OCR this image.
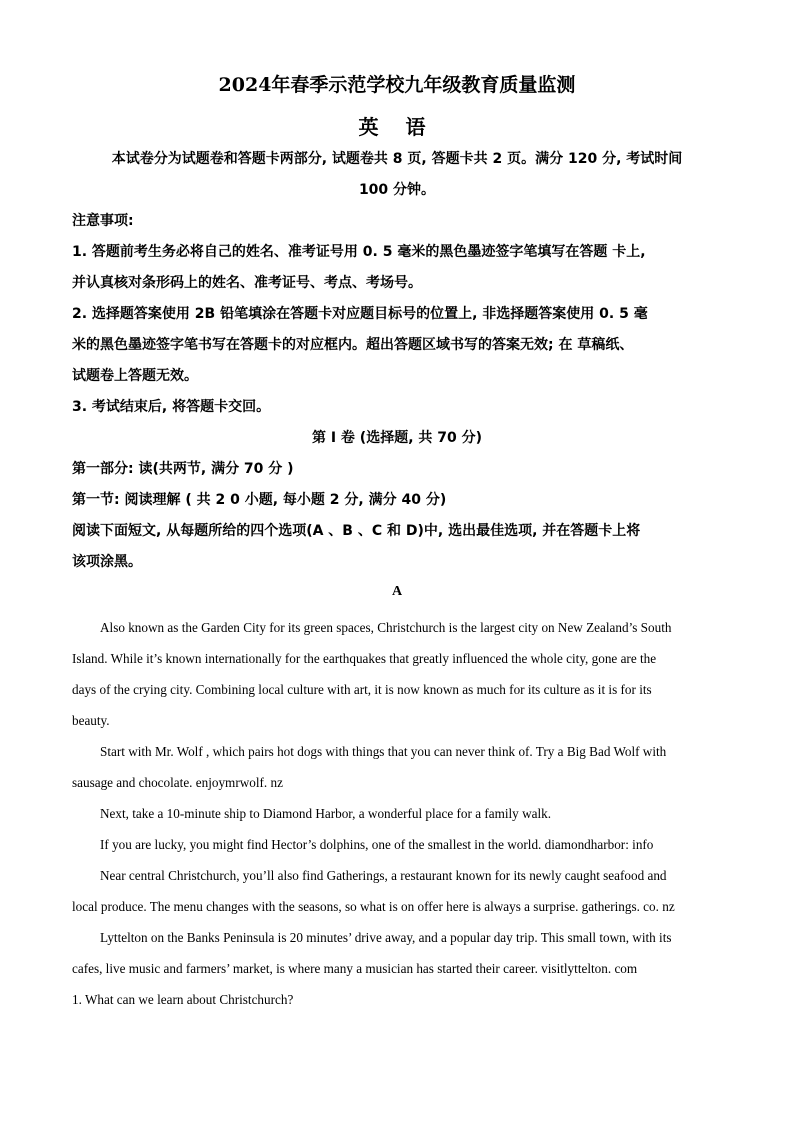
2024年春季示范学校九年级教育质量监测
英 语

本试卷分为试题卷和答题卡两部分, 试题卷共 8 页, 答题卡共 2 页。满分 120 分, 考试时间

100 分钟。

注意事项:

1. 答题前考生务必将自己的姓名、准考证号用 0. 5 毫米的黑色墨迹签字笔填写在答题 卡上,

并认真核对条形码上的姓名、准考证号、考点、考场号。

2. 选择题答案使用 2B 铅笔填涂在答题卡对应题目标号的位置上, 非选择题答案使用 0. 5 毫

米的黑色墨迹签字笔书写在答题卡的对应框内。超出答题区域书写的答案无效; 在 草稿纸、

试题卷上答题无效。

3. 考试结束后, 将答题卡交回。

第 I 卷 (选择题, 共 70 分)

第一部分: 读(共两节, 满分 70 分 )

第一节: 阅读理解 ( 共 2 0 小题, 每小题 2 分, 满分 40 分)

阅读下面短文, 从每题所给的四个选项(A 、B 、C 和 D)中, 选出最佳选项, 并在答题卡上将

该项涂黑。

A

Also known as the Garden City for its green spaces, Christchurch is the largest city on New Zealand’s South

Island. While it’s known internationally for the earthquakes that greatly influenced the whole city, gone are the

days of the crying city. Combining local culture with art, it is now known as much for its culture as it is for its

beauty.

Start with Mr. Wolf , which pairs hot dogs with things that you can never think of. Try a Big Bad Wolf with

sausage and chocolate. enjoymrwolf. nz

Next, take a 10-minute ship to Diamond Harbor, a wonderful place for a family walk.

If you are lucky, you might find Hector’s dolphins, one of the smallest in the world. diamondharbor: info

Near central Christchurch, you’ll also find Gatherings, a restaurant known for its newly caught seafood and

local produce. The menu changes with the seasons, so what is on offer here is always a surprise. gatherings. co. nz

Lyttelton on the Banks Peninsula is 20 minutes’ drive away, and a popular day trip. This small town, with its

cafes, live music and farmers’ market, is where many a musician has started their career. visitlyttelton. com

1. What can we learn about Christchurch?
